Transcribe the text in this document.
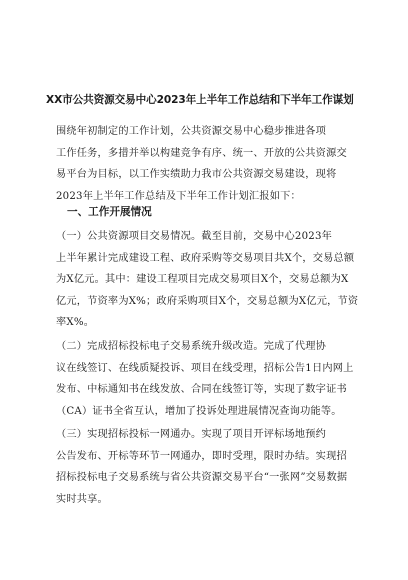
XX市公共资源交易中心2023年上半年工作总结和下半年工作谋划
围绕年初制定的工作计划，公共资源交易中心稳步推进各项
工作任务，多措并举以构建竞争有序、统一、开放的公共资源交
易平台为目标，以工作实绩助力我市公共资源交易建设，现将
2023年上半年工作总结及下半年工作计划汇报如下：
一、工作开展情况
（一）公共资源项目交易情况。截至目前，交易中心2023年
上半年累计完成建设工程、政府采购等交易项目共X个，交易总额
为X亿元。其中：建设工程项目完成交易项目X个，交易总额为X
亿元，节资率为X%；政府采购项目X个，交易总额为X亿元，节资
率X%。
（二）完成招标投标电子交易系统升级改造。完成了代理协
议在线签订、在线质疑投诉、项目在线受理，招标公告1日内网上
发布、中标通知书在线发放、合同在线签订等，实现了数字证书
（CA）证书全省互认，增加了投诉处理进展情况查询功能等。
（三）实现招标投标一网通办。实现了项目开评标场地预约
公告发布、开标等环节一网通办，即时受理，限时办结。实现招
招标投标电子交易系统与省公共资源交易平台“一张网”交易数据
实时共享。
